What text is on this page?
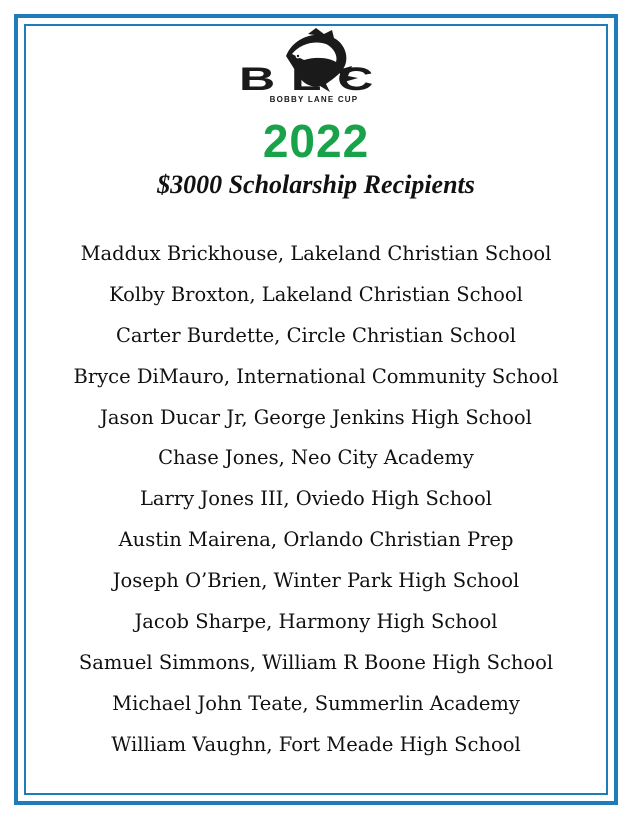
BLC
BOBBY LANE CUP
2022
$3000 Scholarship Recipients
Maddux Brickhouse, Lakeland Christian School
Kolby Broxton, Lakeland Christian School
Carter Burdette, Circle Christian School
Bryce DiMauro, International Community School
Jason Ducar Jr, George Jenkins High School
Chase Jones, Neo City Academy
Larry Jones III, Oviedo High School
Austin Mairena, Orlando Christian Prep
Joseph O’Brien, Winter Park High School
Jacob Sharpe, Harmony High School
Samuel Simmons, William R Boone High School
Michael John Teate, Summerlin Academy
William Vaughn, Fort Meade High School
